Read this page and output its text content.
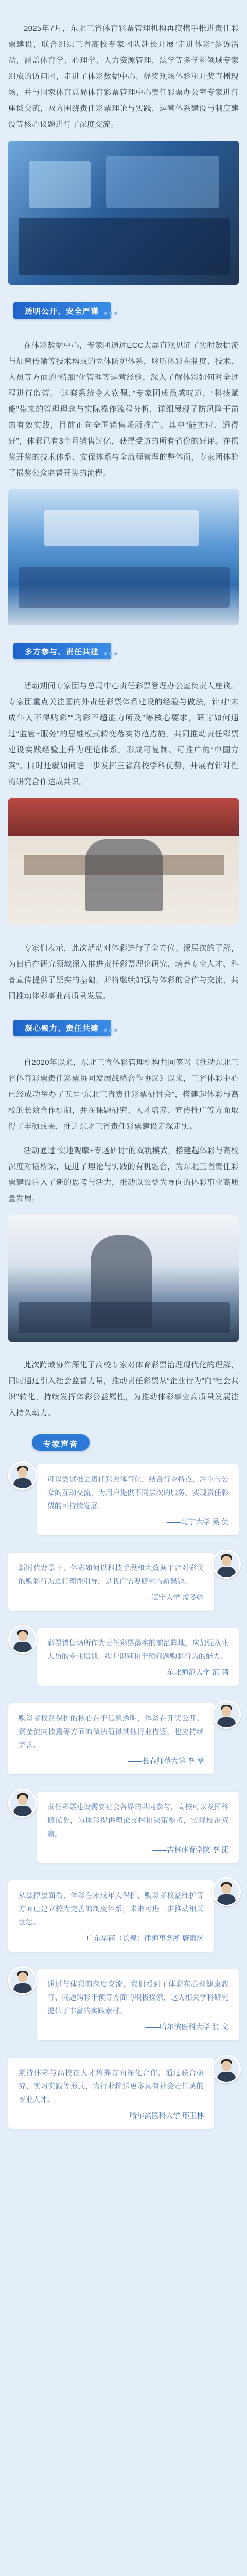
2025年7月，东北三省体育彩票管理机构再度携手推进责任彩票建设，联合组织三省高校专家团队赴长开展“走进体彩”参访活动，涵盖体育学、心理学、人力资源管理、法学等多学科领域专家组成的访问团，走进了体彩数据中心、摇奖现场体验和开奖直播现场，并与国家体育总局体育彩票管理中心责任彩票办公室专家进行座谈交流，双方围绕责任彩票理论与实践、运营体系建设与制度建设等核心议题进行了深度交流。

透明公开、安全严谨

在体彩数据中心，专家团通过ECC大屏直观见证了实时数据流与加密传输等技术构成的立体防护体系，聆听体彩在制度、技术、人员等方面的“精细”化管理等运营经验，深入了解体彩如何对全过程进行监管。“这套系统令人钦佩，”专家团成员感叹道，“科技赋能”带来的管理理念与实际操作流程分析，详细展现了防风险于前的有效实践，目前正向全国销售场所推广。其中“能实时、通得好”，体彩已有3个月销售过亿，获得受访的所有省份的好评。在摇奖开奖的技术体系、安保体系与全流程管理的整体面，专家团体验了摇奖公众监督开奖的流程。

多方参与、责任共建

活动期间专家团与总局中心责任彩票管理办公室负责人座谈。专家团重点关注国内外责任彩票体系建设的经验与做法，针对“未成年人不得购彩”“购彩不超能力所及”等核心要求，研讨如何通过“监管+服务”的思维模式转变落实防范措施，共同推动责任彩票建设实践经验上升为理论体系，形成可复制、可推广的“中国方案”。同时还就如何进一步发挥三省高校学科优势，开展有针对性的研究合作达成共识。

专家们表示，此次活动对体彩进行了全方位、深层次的了解，为日后在研究领域深入推进责任彩票理论研究、培养专业人才、科普宣传提供了坚实的基础，并将继续加强与体彩的合作与交流，共同推动体彩事业高质量发展。

凝心聚力、责任共建

自2020年以来，东北三省体彩管理机构共同签署《推动东北三省体育彩票责任彩票协同发展战略合作协议》以来，三省体彩中心已经成功举办了五届“东北三省责任彩票研讨会”，搭建起体彩与高校的长效合作机制，并在课题研究、人才培养、宣传推广等方面取得了丰硕成果，推进东北三省责任彩票建设走深走实。

活动通过“实地观摩+专题研讨”的双轨模式，搭建起体彩与高校深度对话桥梁，促进了理论与实践的有机融合，为东北三省责任彩票建设注入了新的思考与活力，推动以公益为导向的体彩事业高质量发展。

此次跨域协作深化了高校专家对体育彩票治理现代化的理解，同时通过引入社会监督力量，推动责任彩票从“企业行为”向“社会共识”转化，持续发挥体彩公益属性，为推动体彩事业高质量发展注入持久动力。

专家声音
可以尝试推进责任彩票体育化，结合行业特点，注重与公众的互动交流，为用户提供不同层次的服务，实现责任彩票的可持续发展。
——辽宁大学 吴 优
新时代背景下，体彩如何以科技手段和大数据平台对彩民的购彩行为进行理性引导，是我们需要研究的新课题。
——辽宁大学 孟冬妮
彩票销售场所作为责任彩票落实的前沿阵地，应加强从业人员的专业培训，提升识别和干预问题购彩行为的能力。
——东北师范大学 范 鹏
购彩者权益保护的核心在于信息透明，体彩在开奖公开、资金流向披露等方面的做法值得其他行业借鉴，也应持续完善。
——长春师范大学 李 博
责任彩票建设需要社会各界的共同参与，高校可以发挥科研优势，为体彩提供理论支撑和决策参考，实现校企双赢。
——吉林体育学院 李 捷
从法律层面看，体彩在未成年人保护、购彩者权益维护等方面已建立较为完善的制度体系，未来可进一步推动相关立法。
——广东华商（长春）律师事务所 唐雨涵
通过与体彩的深度交流，我们看到了体彩在心理健康教育、问题购彩干预等方面的积极探索，这为相关学科研究提供了丰富的实践素材。
——哈尔滨医科大学 张 文
期待体彩与高校在人才培养方面深化合作，通过联合研究、实习实践等形式，为行业输送更多具有社会责任感的专业人才。
——哈尔滨医科大学 邢玉林
